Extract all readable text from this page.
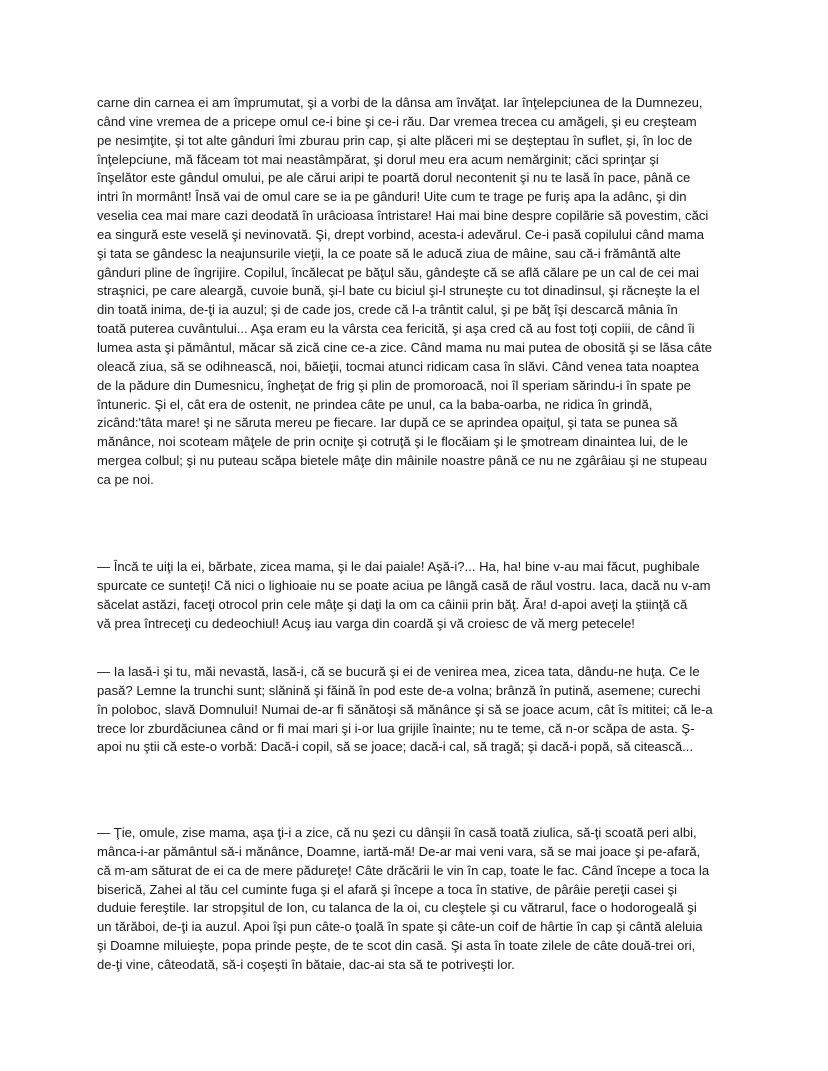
carne din carnea ei am împrumutat, şi a vorbi de la dânsa am învăţat. Iar înţelepciunea de la Dumnezeu,
când vine vremea de a pricepe omul ce-i bine şi ce-i rău. Dar vremea trecea cu amăgeli, şi eu creşteam
pe nesimţite, şi tot alte gânduri îmi zburau prin cap, şi alte plăceri mi se deşteptau în suflet, şi, în loc de
înţelepciune, mă făceam tot mai neastâmpărat, şi dorul meu era acum nemărginit; căci sprinţar şi
înşelător este gândul omului, pe ale cărui aripi te poartă dorul necontenit şi nu te lasă în pace, până ce
intri în mormânt! Însă vai de omul care se ia pe gânduri! Uite cum te trage pe furiş apa la adânc, şi din
veselia cea mai mare cazi deodată în urâcioasa întristare! Hai mai bine despre copilărie să povestim, căci
ea singură este veselă şi nevinovată. Şi, drept vorbind, acesta-i adevărul. Ce-i pasă copilului când mama
şi tata se gândesc la neajunsurile vieţii, la ce poate să le aducă ziua de mâine, sau că-i frământă alte
gânduri pline de îngrijire. Copilul, încălecat pe băţul său, gândeşte că se află călare pe un cal de cei mai
straşnici, pe care aleargă, cuvoie bună, şi-l bate cu biciul şi-l struneşte cu tot dinadinsul, şi răcneşte la el
din toată inima, de-ţi ia auzul; şi de cade jos, crede că l-a trântit calul, şi pe băţ îşi descarcă mânia în
toată puterea cuvântului... Aşa eram eu la vârsta cea fericită, şi aşa cred că au fost toţi copiii, de când îi
lumea asta şi pământul, măcar să zică cine ce-a zice. Când mama nu mai putea de obosită şi se lăsa câte
oleacă ziua, să se odihnească, noi, băieţii, tocmai atunci ridicam casa în slăvi. Când venea tata noaptea
de la pădure din Dumesnicu, îngheţat de frig şi plin de promoroacă, noi îl speriam sărindu-i în spate pe
întuneric. Şi el, cât era de ostenit, ne prindea câte pe unul, ca la baba-oarba, ne ridica în grindă,
zicând:'tâta mare! şi ne săruta mereu pe fiecare. Iar după ce se aprindea opaiţul, şi tata se punea să
mănânce, noi scoteam mâţele de prin ocniţe şi cotruţă şi le flocăiam şi le şmotream dinaintea lui, de le
mergea colbul; şi nu puteau scăpa bietele mâţe din mâinile noastre până ce nu ne zgârâiau şi ne stupeau
ca pe noi.
— Încă te uiţi la ei, bărbate, zicea mama, şi le dai paiale! Aşă-i?... Ha, ha! bine v-au mai făcut, pughibale
spurcate ce sunteţi! Că nici o lighioaie nu se poate aciua pe lângă casă de răul vostru. Iaca, dacă nu v-am
săcelat astăzi, faceţi otrocol prin cele mâţe şi daţi la om ca câinii prin băţ. Ăra! d-apoi aveţi la ştiinţă că
vă prea întreceţi cu dedeochiul! Acuş iau varga din coardă şi vă croiesc de vă merg petecele!
— Ia lasă-i şi tu, măi nevastă, lasă-i, că se bucură şi ei de venirea mea, zicea tata, dându-ne huţa. Ce le
pasă? Lemne la trunchi sunt; slănină şi făină în pod este de-a volna; brânză în putină, asemene; curechi
în poloboc, slavă Domnului! Numai de-ar fi sănătoşi să mănânce şi să se joace acum, cât îs mititei; că le-a
trece lor zburdăciunea când or fi mai mari şi i-or lua grijile înainte; nu te teme, că n-or scăpa de asta. Ş-
apoi nu ştii că este-o vorbă: Dacă-i copil, să se joace; dacă-i cal, să tragă; şi dacă-i popă, să citească...
— Ţie, omule, zise mama, aşa ţi-i a zice, că nu şezi cu dânşii în casă toată ziulica, să-ţi scoată peri albi,
mânca-i-ar pământul să-i mănânce, Doamne, iartă-mă! De-ar mai veni vara, să se mai joace şi pe-afară,
că m-am săturat de ei ca de mere pădureţe! Câte drăcării le vin în cap, toate le fac. Când începe a toca la
biserică, Zahei al tău cel cuminte fuga şi el afară şi începe a toca în stative, de pârâie pereţii casei şi
duduie fereştile. Iar stropşitul de Ion, cu talanca de la oi, cu cleştele şi cu vătrarul, face o hodorogeală şi
un tărăboi, de-ţi ia auzul. Apoi îşi pun câte-o ţoală în spate şi câte-un coif de hârtie în cap şi cântă aleluia
şi Doamne miluieşte, popa prinde peşte, de te scot din casă. Şi asta în toate zilele de câte două-trei ori,
de-ţi vine, câteodată, să-i coşeşti în bătaie, dac-ai sta să te potriveşti lor.
